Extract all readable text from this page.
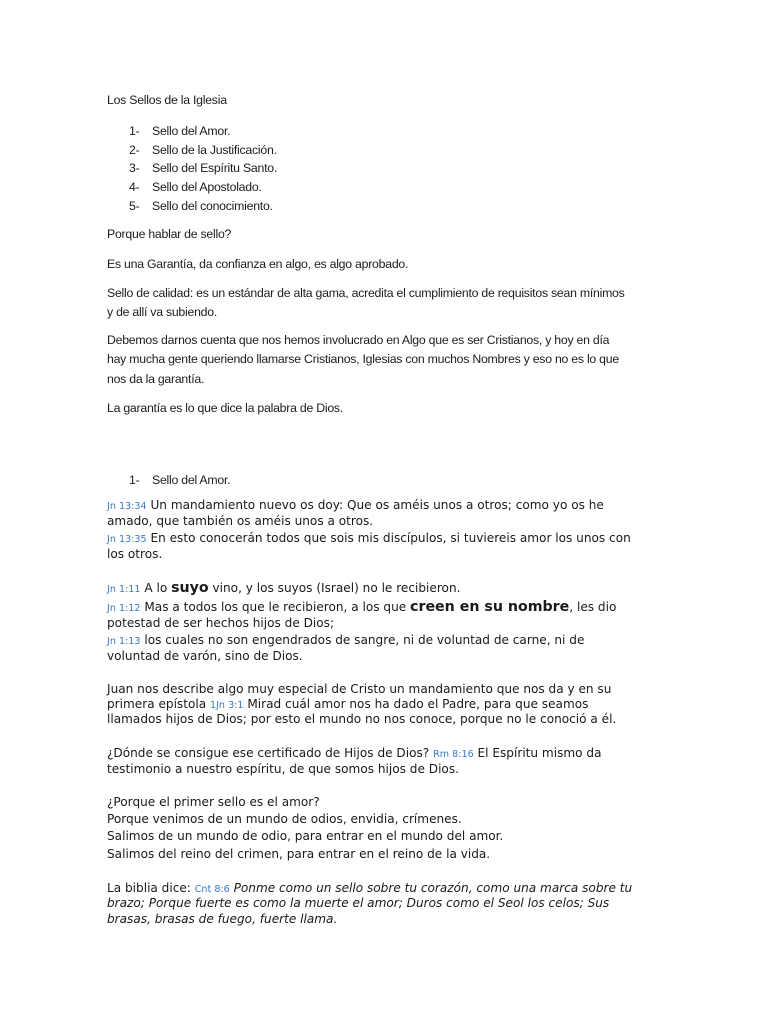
Los Sellos de la Iglesia
1- Sello del Amor.
2- Sello de la Justificación.
3- Sello del Espíritu Santo.
4- Sello del Apostolado.
5- Sello del conocimiento.
Porque hablar de sello?
Es una Garantía, da confianza en algo, es algo aprobado.
Sello de calidad: es un estándar de alta gama, acredita el cumplimiento de requisitos sean mínimos
y de allí va subiendo.
Debemos darnos cuenta que nos hemos involucrado en Algo que es ser Cristianos, y hoy en día
hay mucha gente queriendo llamarse Cristianos, Iglesias con muchos Nombres y eso no es lo que
nos da la garantía.
La garantía es lo que dice la palabra de Dios.
1- Sello del Amor.
Jn 13:34 Un mandamiento nuevo os doy: Que os améis unos a otros; como yo os he
amado, que también os améis unos a otros.
Jn 13:35 En esto conocerán todos que sois mis discípulos, si tuviereis amor los unos con
los otros.
Jn 1:11 A lo suyo vino, y los suyos (Israel) no le recibieron.
Jn 1:12 Mas a todos los que le recibieron, a los que creen en su nombre, les dio
potestad de ser hechos hijos de Dios;
Jn 1:13 los cuales no son engendrados de sangre, ni de voluntad de carne, ni de
voluntad de varón, sino de Dios.
Juan nos describe algo muy especial de Cristo un mandamiento que nos da y en su
primera epístola 1Jn 3:1 Mirad cuál amor nos ha dado el Padre, para que seamos
llamados hijos de Dios; por esto el mundo no nos conoce, porque no le conoció a él.
¿Dónde se consigue ese certificado de Hijos de Dios? Rm 8:16 El Espíritu mismo da
testimonio a nuestro espíritu, de que somos hijos de Dios.
¿Porque el primer sello es el amor?
Porque venimos de un mundo de odios, envidia, crímenes.
Salimos de un mundo de odio, para entrar en el mundo del amor.
Salimos del reino del crimen, para entrar en el reino de la vida.
La biblia dice: Cnt 8:6 Ponme como un sello sobre tu corazón, como una marca sobre tu
brazo; Porque fuerte es como la muerte el amor; Duros como el Seol los celos; Sus
brasas, brasas de fuego, fuerte llama.
